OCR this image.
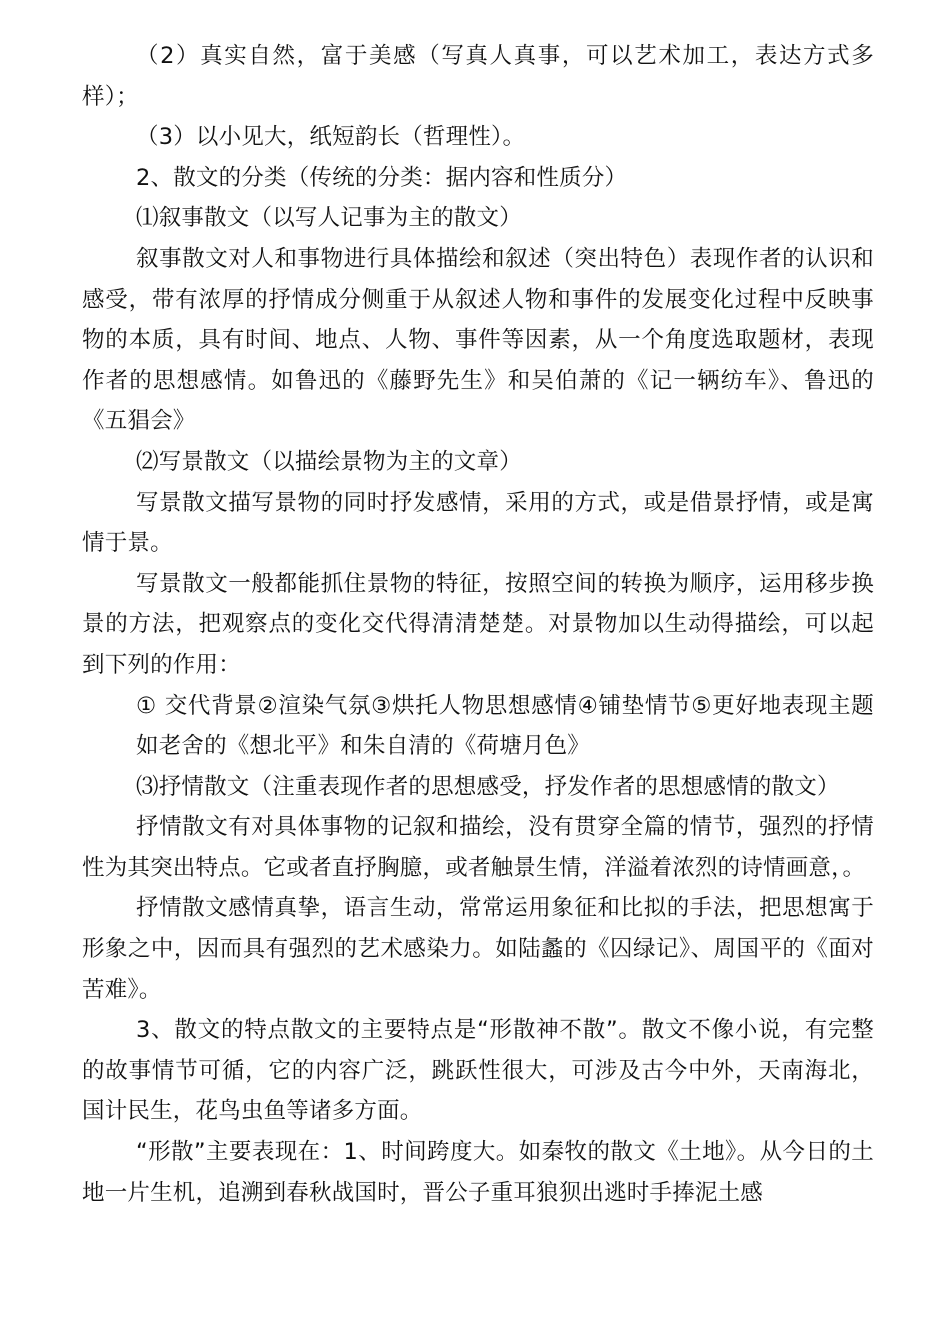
（2）真实自然，富于美感（写真人真事，可以艺术加工，表达方式多样）；

（3）以小见大，纸短韵长（哲理性）。

2、散文的分类（传统的分类：据内容和性质分）

⑴叙事散文（以写人记事为主的散文）

叙事散文对人和事物进行具体描绘和叙述（突出特色）表现作者的认识和感受，带有浓厚的抒情成分侧重于从叙述人物和事件的发展变化过程中反映事物的本质，具有时间、地点、人物、事件等因素，从一个角度选取题材，表现作者的思想感情。如鲁迅的《藤野先生》和吴伯萧的《记一辆纺车》、鲁迅的《五猖会》

⑵写景散文（以描绘景物为主的文章）

写景散文描写景物的同时抒发感情，采用的方式，或是借景抒情，或是寓情于景。

写景散文一般都能抓住景物的特征，按照空间的转换为顺序，运用移步换景的方法，把观察点的变化交代得清清楚楚。对景物加以生动得描绘，可以起到下列的作用：

① 交代背景②渲染气氛③烘托人物思想感情④铺垫情节⑤更好地表现主题如老舍的《想北平》和朱自清的《荷塘月色》

⑶抒情散文（注重表现作者的思想感受，抒发作者的思想感情的散文）

抒情散文有对具体事物的记叙和描绘，没有贯穿全篇的情节，强烈的抒情性为其突出特点。它或者直抒胸臆，或者触景生情，洋溢着浓烈的诗情画意，。

抒情散文感情真挚，语言生动，常常运用象征和比拟的手法，把思想寓于形象之中，因而具有强烈的艺术感染力。如陆蠡的《囚绿记》、周国平的《面对苦难》。

3、散文的特点散文的主要特点是“形散神不散”。散文不像小说，有完整的故事情节可循，它的内容广泛，跳跃性很大，可涉及古今中外，天南海北，国计民生，花鸟虫鱼等诸多方面。

“形散”主要表现在：1、时间跨度大。如秦牧的散文《土地》。从今日的土地一片生机，追溯到春秋战国时，晋公子重耳狼狈出逃时手捧泥土感
